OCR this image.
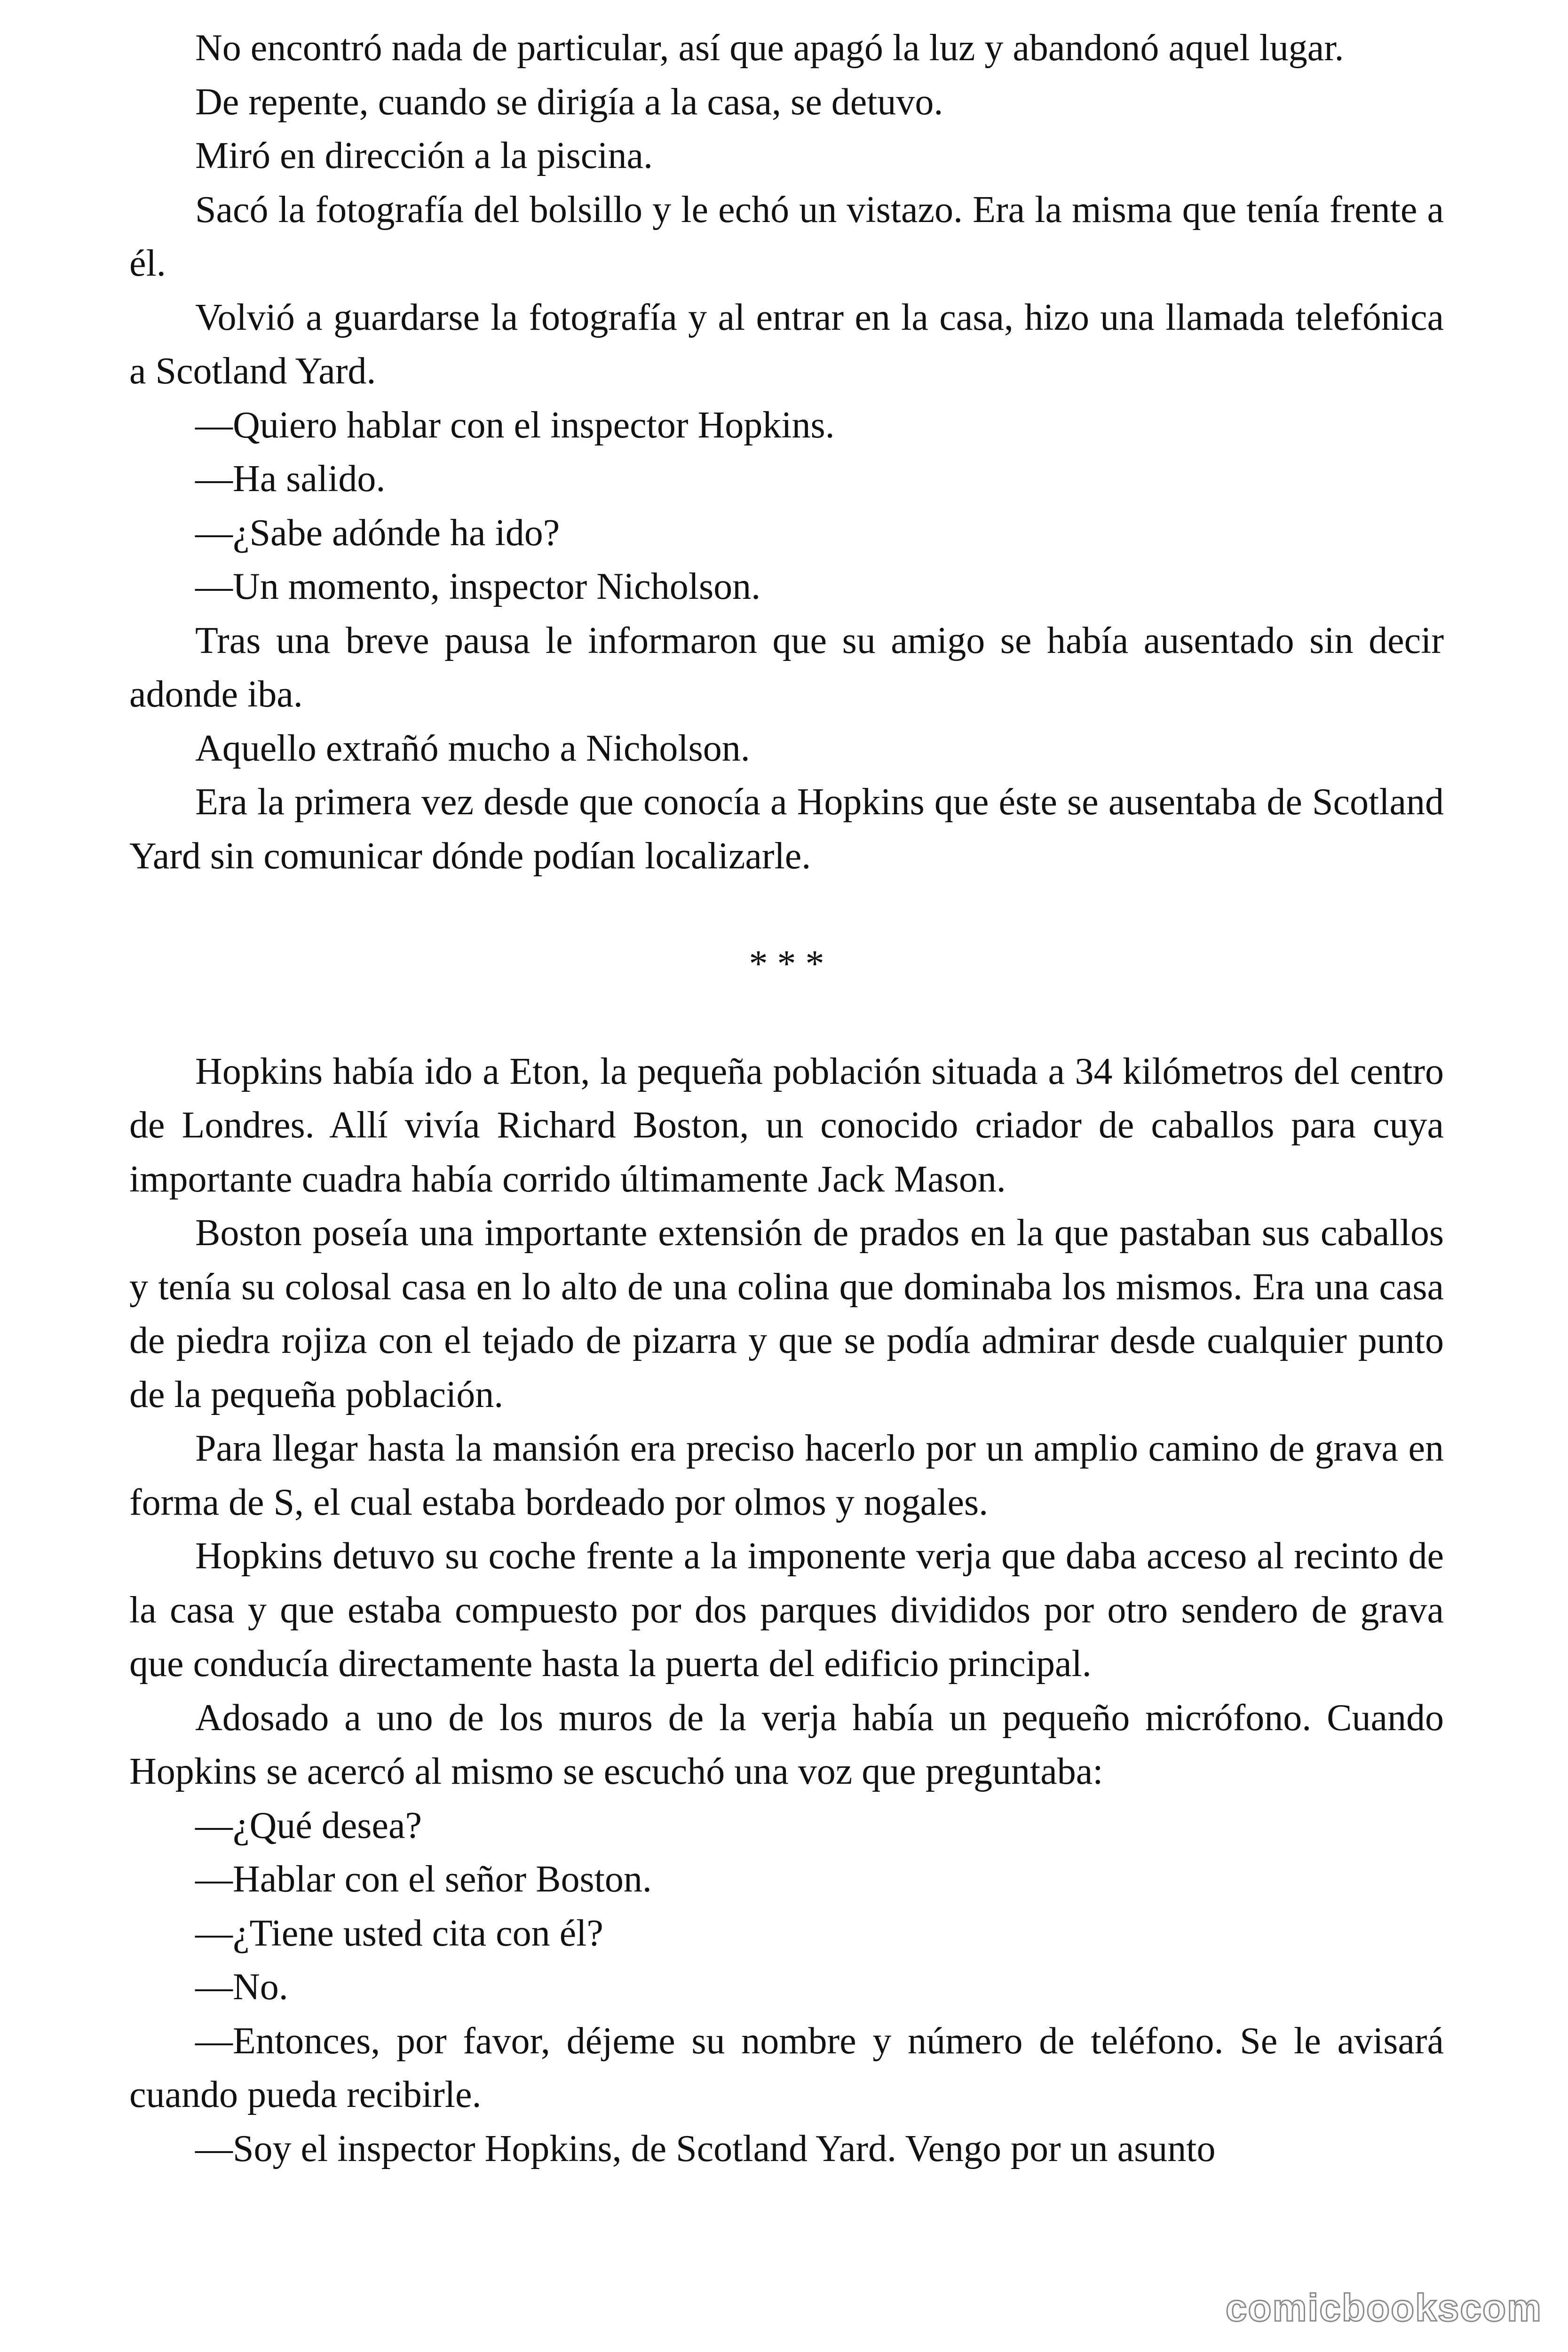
No encontró nada de particular, así que apagó la luz y abandonó aquel lugar.

De repente, cuando se dirigía a la casa, se detuvo.

Miró en dirección a la piscina.

Sacó la fotografía del bolsillo y le echó un vistazo. Era la misma que tenía frente a él.

Volvió a guardarse la fotografía y al entrar en la casa, hizo una llamada telefónica a Scotland Yard.

—Quiero hablar con el inspector Hopkins.

—Ha salido.

—¿Sabe adónde ha ido?

—Un momento, inspector Nicholson.

Tras una breve pausa le informaron que su amigo se había ausentado sin decir adonde iba.

Aquello extrañó mucho a Nicholson.

Era la primera vez desde que conocía a Hopkins que éste se ausentaba de Scotland Yard sin comunicar dónde podían localizarle.

* * *

Hopkins había ido a Eton, la pequeña población situada a 34 kilómetros del centro de Londres. Allí vivía Richard Boston, un conocido criador de caballos para cuya importante cuadra había corrido últimamente Jack Mason.

Boston poseía una importante extensión de prados en la que pastaban sus caballos y tenía su colosal casa en lo alto de una colina que dominaba los mismos. Era una casa de piedra rojiza con el tejado de pizarra y que se podía admirar desde cualquier punto de la pequeña población.

Para llegar hasta la mansión era preciso hacerlo por un amplio camino de grava en forma de S, el cual estaba bordeado por olmos y nogales.

Hopkins detuvo su coche frente a la imponente verja que daba acceso al recinto de la casa y que estaba compuesto por dos parques divididos por otro sendero de grava que conducía directamente hasta la puerta del edificio principal.

Adosado a uno de los muros de la verja había un pequeño micrófono. Cuando Hopkins se acercó al mismo se escuchó una voz que preguntaba:

—¿Qué desea?

—Hablar con el señor Boston.

—¿Tiene usted cita con él?

—No.

—Entonces, por favor, déjeme su nombre y número de teléfono. Se le avisará cuando pueda recibirle.

—Soy el inspector Hopkins, de Scotland Yard. Vengo por un asunto

comicbookscom
